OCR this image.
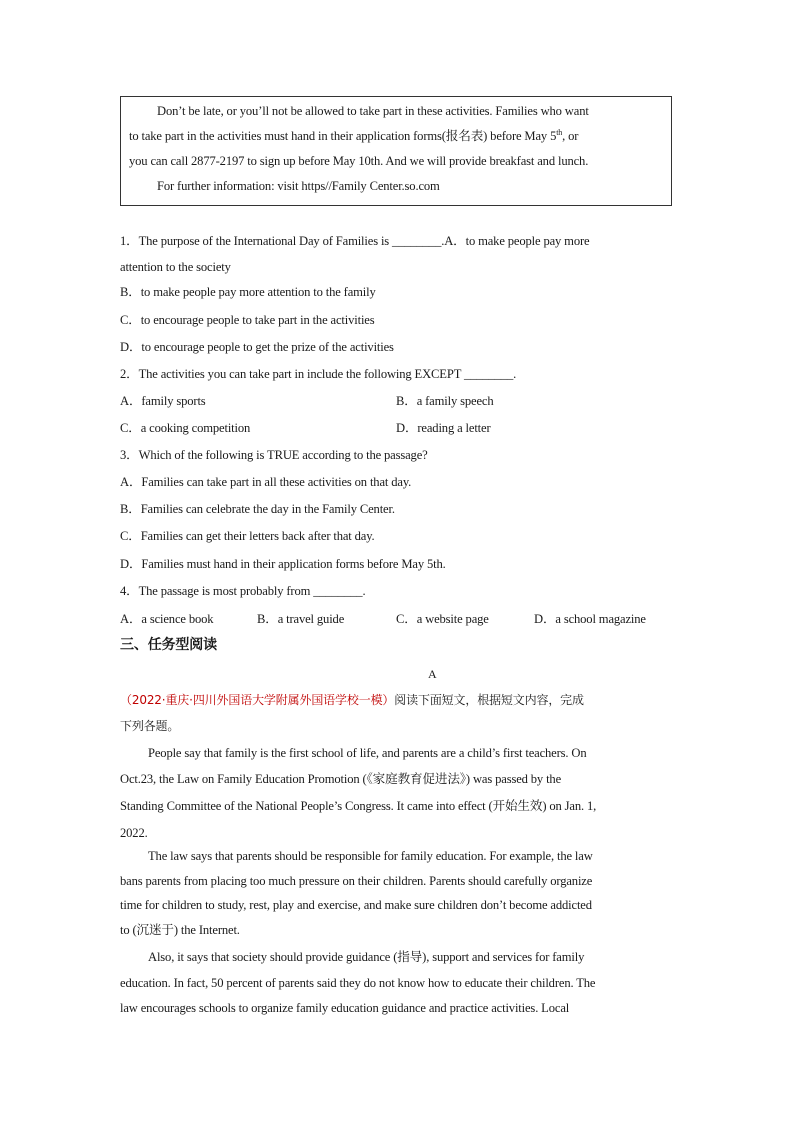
Don’t be late, or you’ll not be allowed to take part in these activities. Families who want
to take part in the activities must hand in their application forms(报名表) before May 5th, or
you can call 2877-2197 to sign up before May 10th. And we will provide breakfast and lunch.
For further information: visit https//Family Center.so.com
1．The purpose of the International Day of Families is ________.A．to make people pay more
attention to the society
B．to make people pay more attention to the family
C．to encourage people to take part in the activities
D．to encourage people to get the prize of the activities
2．The activities you can take part in include the following EXCEPT ________.
A．family sports	B．a family speech
C．a cooking competition	D．reading a letter
3．Which of the following is TRUE according to the passage?
A．Families can take part in all these activities on that day.
B．Families can celebrate the day in the Family Center.
C．Families can get their letters back after that day.
D．Families must hand in their application forms before May 5th.
4．The passage is most probably from ________.
A．a science book	B．a travel guide	C．a website page	D．a school magazine
三、任务型阅读
A
（2022·重庆·四川外国语大学附属外国语学校一模）阅读下面短文，根据短文内容，完成
下列各题。
People say that family is the first school of life, and parents are a child’s first teachers. On
Oct.23, the Law on Family Education Promotion (《家庭教育促进法》) was passed by the
Standing Committee of the National People’s Congress. It came into effect (开始生效) on Jan. 1,
2022.
The law says that parents should be responsible for family education. For example, the law
bans parents from placing too much pressure on their children. Parents should carefully organize
time for children to study, rest, play and exercise, and make sure children don’t become addicted
to (沉迷于) the Internet.
Also, it says that society should provide guidance (指导), support and services for family
education. In fact, 50 percent of parents said they do not know how to educate their children. The
law encourages schools to organize family education guidance and practice activities. Local
